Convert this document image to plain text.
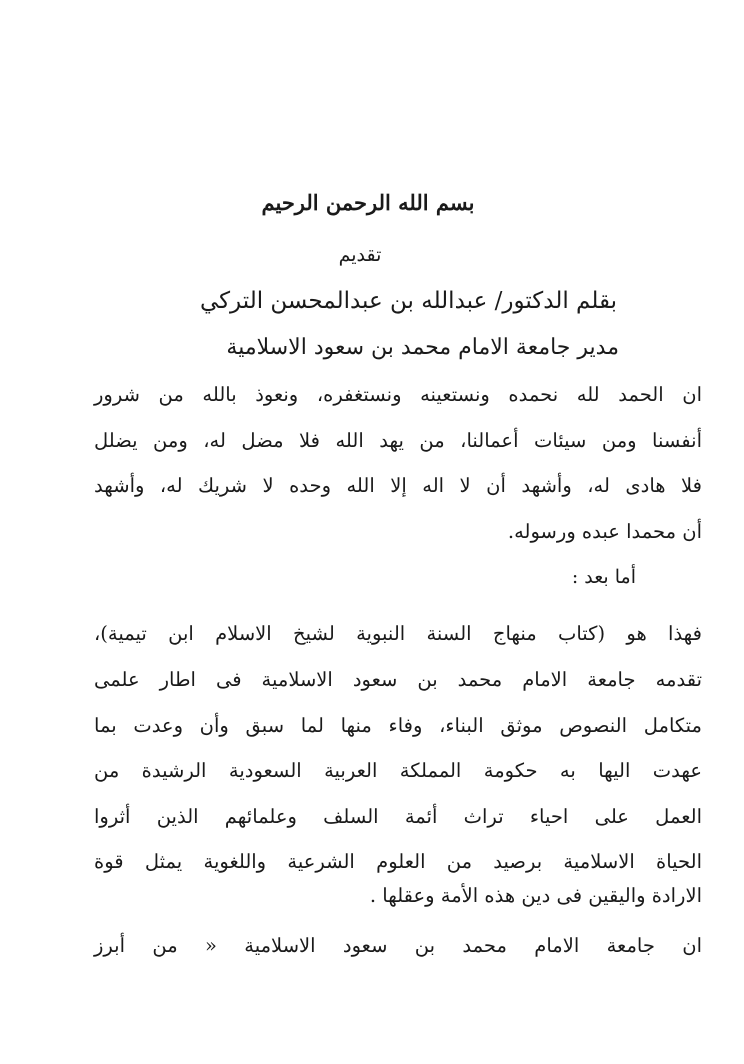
بسم الله الرحمن الرحيم
تقديم
بقلم الدكتور/ عبدالله بن عبدالمحسن التركي
مدير جامعة الامام محمد بن سعود الاسلامية
ان الحمد لله نحمده ونستعينه ونستغفره، ونعوذ بالله من شرور
أنفسنا ومن سيئات أعمالنا، من يهد الله فلا مضل له، ومن يضلل
فلا هادى له، وأشهد أن لا اله إلا الله وحده لا شريك له، وأشهد
أن محمدا عبده ورسوله.
أما بعد :
فهذا هو (كتاب منهاج السنة النبوية لشيخ الاسلام ابن تيمية)،
تقدمه جامعة الامام محمد بن سعود الاسلامية فى اطار علمى
متكامل النصوص موثق البناء، وفاء منها لما سبق وأن وعدت بما
عهدت اليها به حكومة المملكة العربية السعودية الرشيدة من
العمل على احياء تراث أئمة السلف وعلمائهم الذين أثروا
الحياة الاسلامية برصيد من العلوم الشرعية واللغوية يمثل قوة
الارادة واليقين فى دين هذه الأمة وعقلها .
ان جامعة الامام محمد بن سعود الاسلامية « من أبرز
